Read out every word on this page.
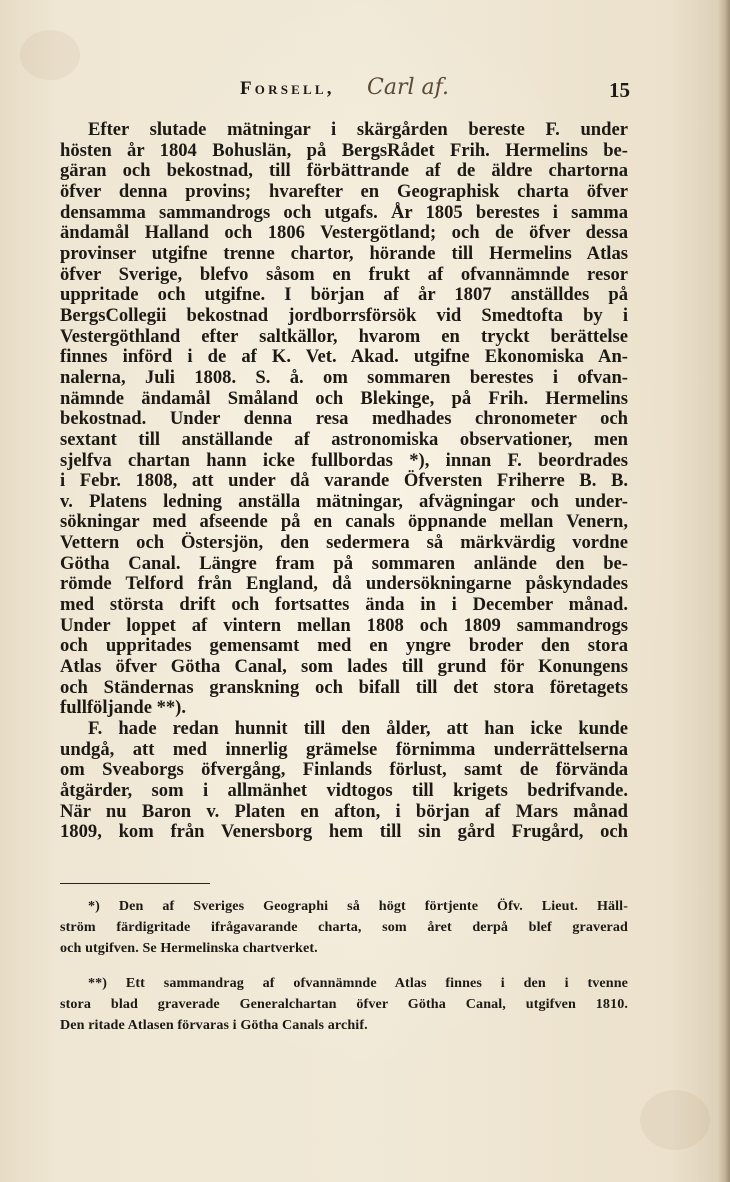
Forsell, Carl af.	15
Efter slutade mätningar i skärgården bereste F. under
hösten år 1804 Bohuslän, på BergsRådet Frih. Hermelins be-
gäran och bekostnad, till förbättrande af de äldre chartorna
öfver denna provins; hvarefter en Geographisk charta öfver
densamma sammandrogs och utgafs. År 1805 berestes i samma
ändamål Halland och 1806 Vestergötland; och de öfver dessa
provinser utgifne trenne chartor, hörande till Hermelins Atlas
öfver Sverige, blefvo såsom en frukt af ofvannämnde resor
uppritade och utgifne. I början af år 1807 anställdes på
BergsCollegii bekostnad jordborrsförsök vid Smedtofta by i
Vestergöthland efter saltkällor, hvarom en tryckt berättelse
finnes införd i de af K. Vet. Akad. utgifne Ekonomiska An-
nalerna, Juli 1808. S. å. om sommaren berestes i ofvan-
nämnde ändamål Småland och Blekinge, på Frih. Hermelins
bekostnad. Under denna resa medhades chronometer och
sextant till anställande af astronomiska observationer, men
sjelfva chartan hann icke fullbordas *), innan F. beordrades
i Febr. 1808, att under då varande Öfversten Friherre B. B.
v. Platens ledning anställa mätningar, afvägningar och under-
sökningar med afseende på en canals öppnande mellan Venern,
Vettern och Östersjön, den sedermera så märkvärdig vordne
Götha Canal. Längre fram på sommaren anlände den be-
römde Telford från England, då undersökningarne påskyndades
med största drift och fortsattes ända in i December månad.
Under loppet af vintern mellan 1808 och 1809 sammandrogs
och uppritades gemensamt med en yngre broder den stora
Atlas öfver Götha Canal, som lades till grund för Konungens
och Ständernas granskning och bifall till det stora företagets
fullföljande **).
F. hade redan hunnit till den ålder, att han icke kunde
undgå, att med innerlig grämelse förnimma underrättelserna
om Sveaborgs öfvergång, Finlands förlust, samt de förvända
åtgärder, som i allmänhet vidtogos till krigets bedrifvande.
När nu Baron v. Platen en afton, i början af Mars månad
1809, kom från Venersborg hem till sin gård Frugård, och
*) Den af Sveriges Geographi så högt förtjente Öfv. Lieut. Häll-
ström färdigritade ifrågavarande charta, som året derpå blef graverad
och utgifven. Se Hermelinska chartverket.
**) Ett sammandrag af ofvannämnde Atlas finnes i den i tvenne
stora blad graverade Generalchartan öfver Götha Canal, utgifven 1810.
Den ritade Atlasen förvaras i Götha Canals archif.
